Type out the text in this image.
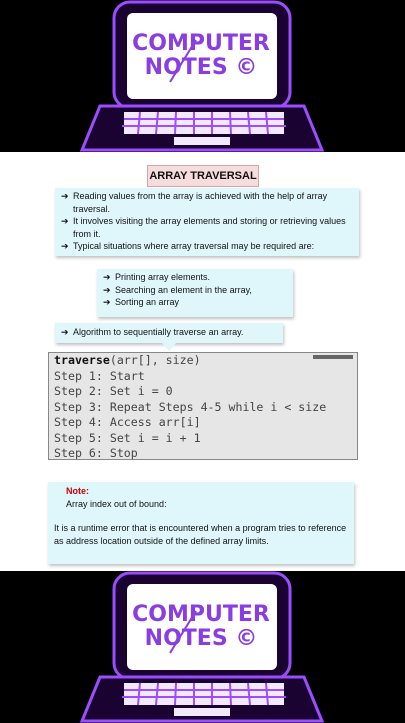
COMPUTER
NOTES ©
ARRAY TRAVERSAL
➔ Reading values from the array is achieved with the help of array traversal.
➔ It involves visiting the array elements and storing or retrieving values from it.
➔ Typical situations where array traversal may be required are:
➔ Printing array elements.
➔ Searching an element in the array,
➔ Sorting an array
➔ Algorithm to sequentially traverse an array.
traverse(arr[], size)
Step 1: Start
Step 2: Set i = 0
Step 3: Repeat Steps 4-5 while i < size
Step 4: Access arr[i]
Step 5: Set i = i + 1
Step 6: Stop
Note:
Array index out of bound:
It is a runtime error that is encountered when a program tries to reference as address location outside of the defined array limits.
COMPUTER
NOTES ©
